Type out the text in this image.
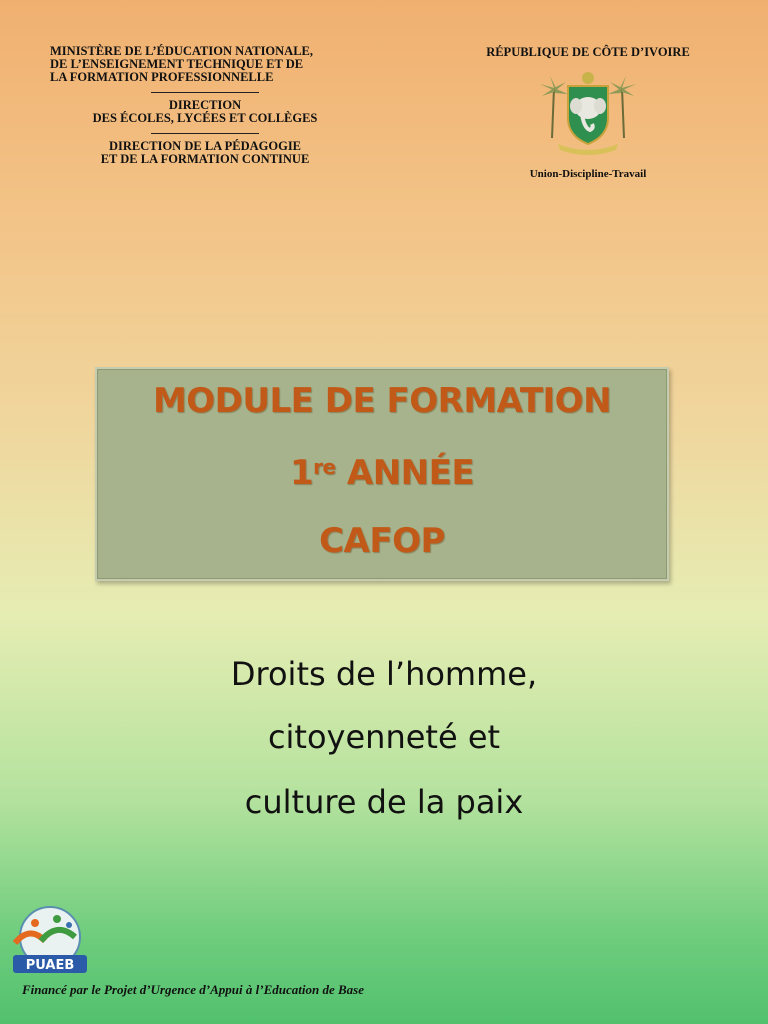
MINISTÈRE DE L’ÉDUCATION NATIONALE,
DE L’ENSEIGNEMENT TECHNIQUE ET DE
LA FORMATION PROFESSIONNELLE
DIRECTION
DES ÉCOLES, LYCÉES ET COLLÈGES
DIRECTION DE LA PÉDAGOGIE
ET DE LA FORMATION CONTINUE
RÉPUBLIQUE DE CÔTE D’IVOIRE
Union-Discipline-Travail
MODULE DE FORMATION
1re ANNÉE
CAFOP
Droits de l’homme,
citoyenneté et
culture de la paix
PUAEB
Financé par le Projet d’Urgence d’Appui à l’Education de Base
